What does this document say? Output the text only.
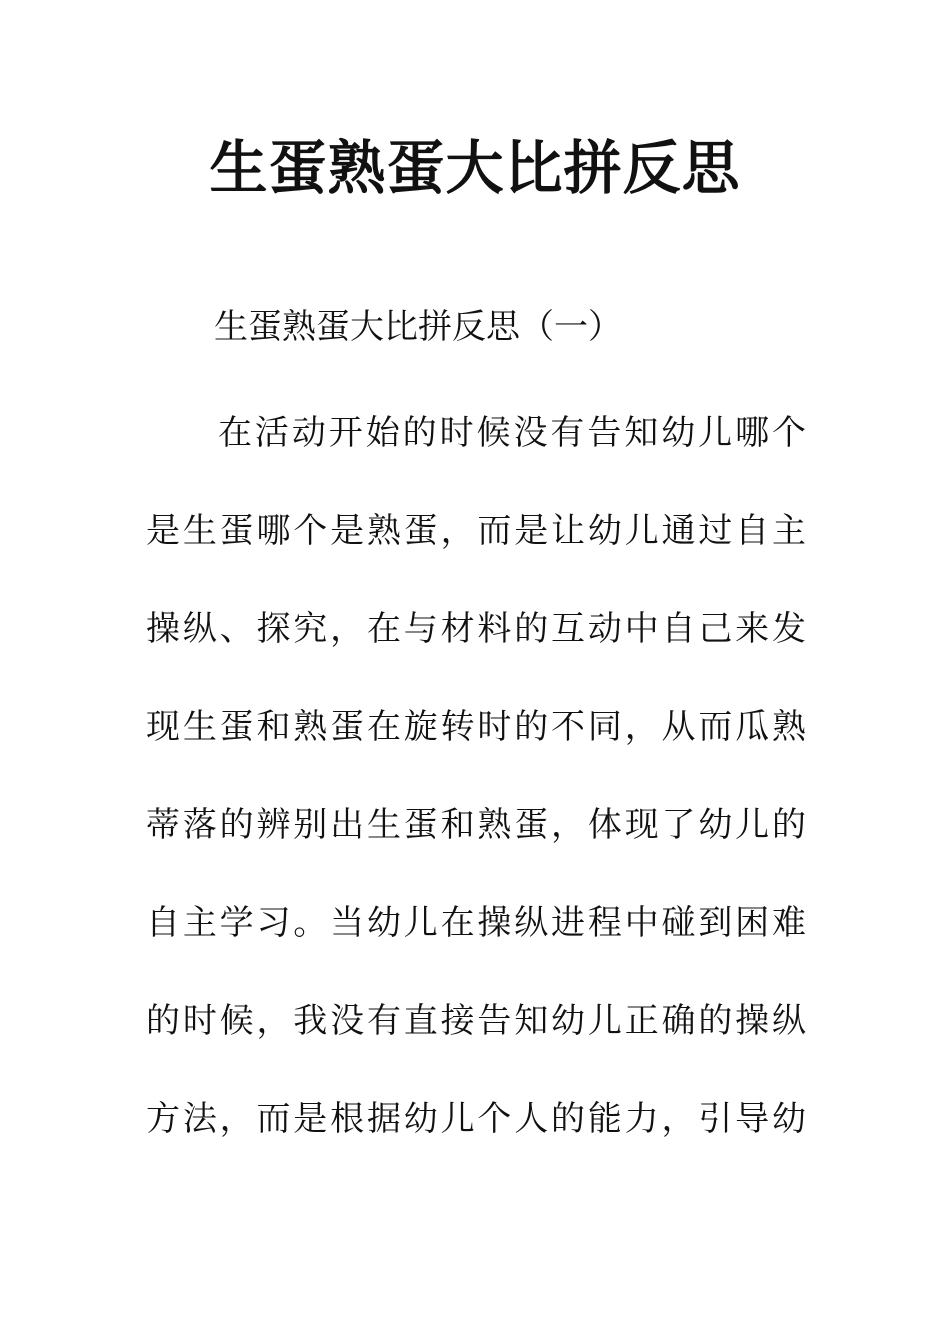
生蛋熟蛋大比拼反思
生蛋熟蛋大比拼反思（一）

在活动开始的时候没有告知幼儿哪个
是生蛋哪个是熟蛋，而是让幼儿通过自主
操纵、探究，在与材料的互动中自己来发
现生蛋和熟蛋在旋转时的不同，从而瓜熟
蒂落的辨别出生蛋和熟蛋，体现了幼儿的
自主学习。当幼儿在操纵进程中碰到困难
的时候，我没有直接告知幼儿正确的操纵
方法，而是根据幼儿个人的能力，引导幼
